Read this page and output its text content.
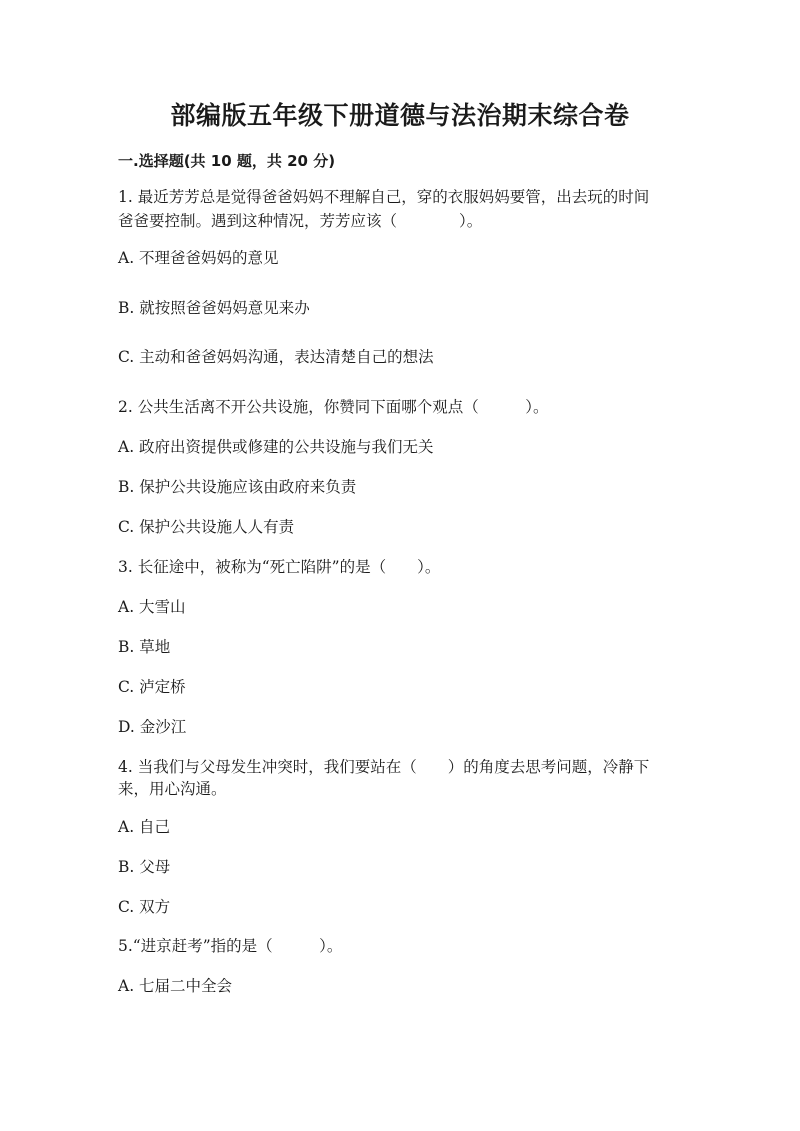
部编版五年级下册道德与法治期末综合卷
一.选择题(共 10 题，共 20 分)
1. 最近芳芳总是觉得爸爸妈妈不理解自己，穿的衣服妈妈要管，出去玩的时间
爸爸要控制。遇到这种情况，芳芳应该（　　　　）。
A. 不理爸爸妈妈的意见
B. 就按照爸爸妈妈意见来办
C. 主动和爸爸妈妈沟通，表达清楚自己的想法
2. 公共生活离不开公共设施，你赞同下面哪个观点（　　　）。
A. 政府出资提供或修建的公共设施与我们无关
B. 保护公共设施应该由政府来负责
C. 保护公共设施人人有责
3. 长征途中，被称为“死亡陷阱”的是（　　）。
A. 大雪山
B. 草地
C. 泸定桥
D. 金沙江
4. 当我们与父母发生冲突时，我们要站在（　　）的角度去思考问题，冷静下
来，用心沟通。
A. 自己
B. 父母
C. 双方
5.“进京赶考”指的是（　　　）。
A. 七届二中全会
